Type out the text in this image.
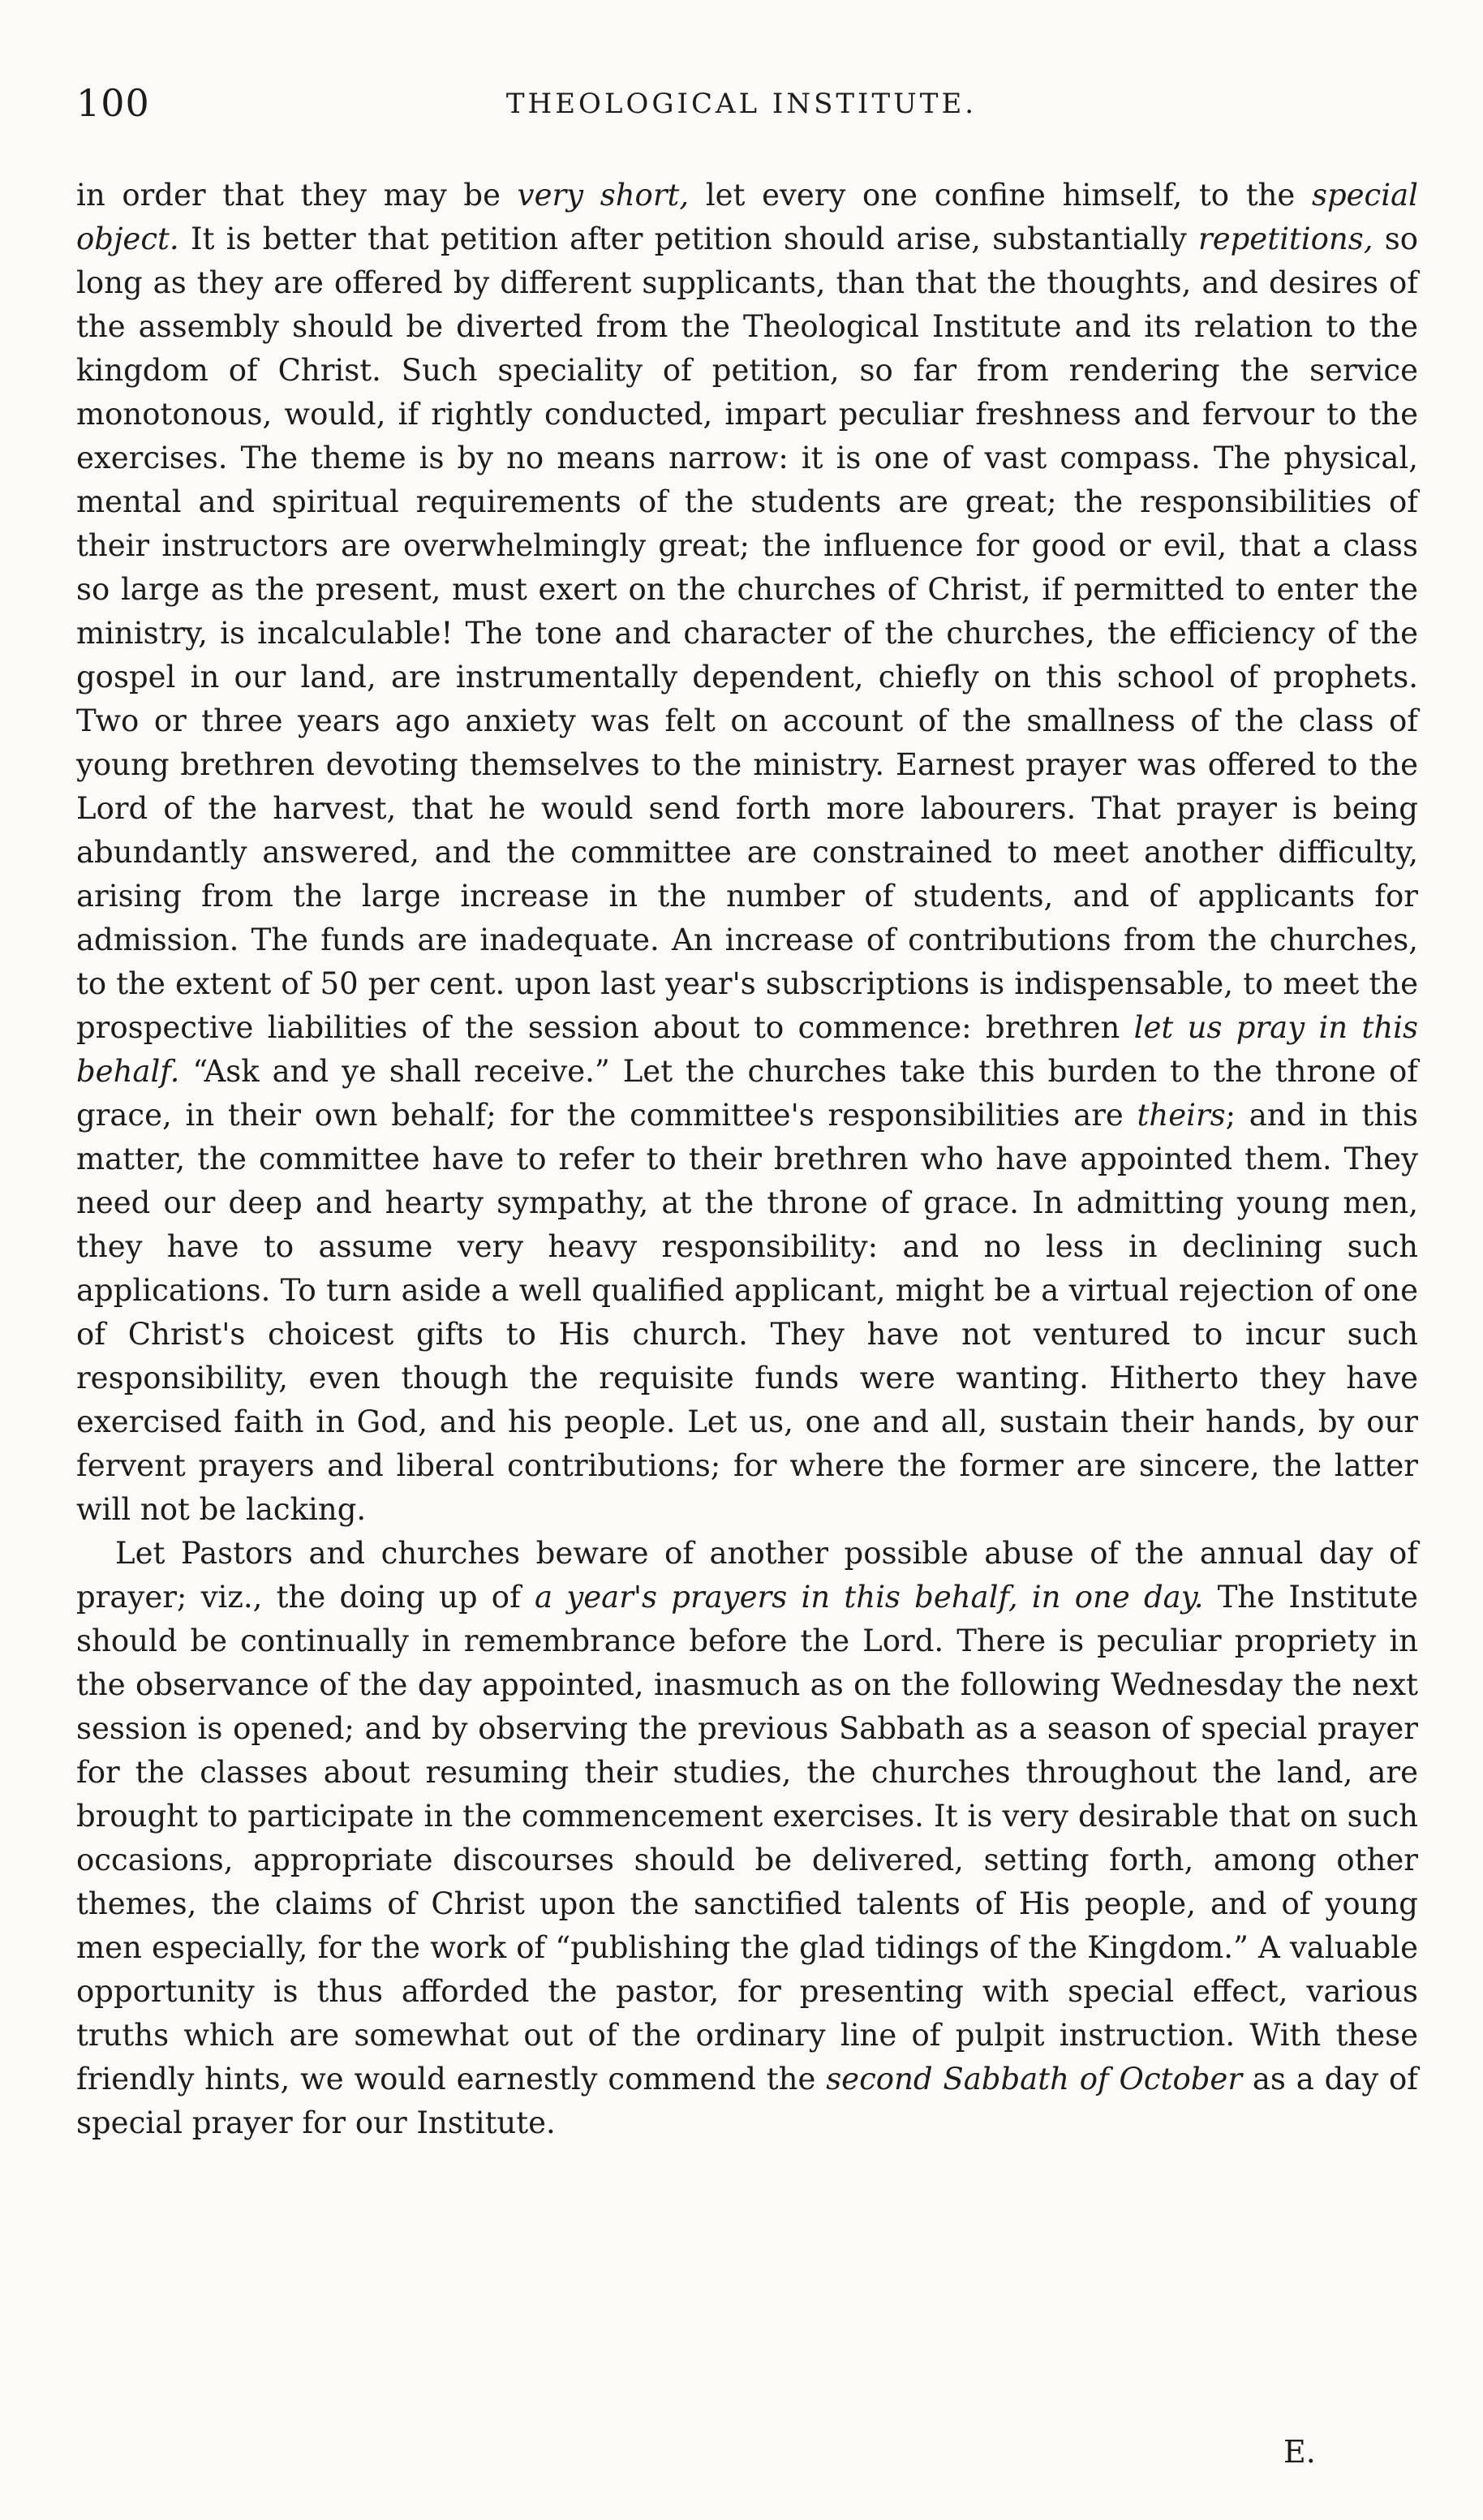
100	THEOLOGICAL INSTITUTE.

in order that they may be very short, let every one confine himself, to the special object. It is better that petition after petition should arise, substantially repetitions, so long as they are offered by different supplicants, than that the thoughts, and desires of the assembly should be diverted from the Theological Institute and its relation to the kingdom of Christ. Such speciality of petition, so far from rendering the service monotonous, would, if rightly conducted, impart peculiar freshness and fervour to the exercises. The theme is by no means narrow: it is one of vast compass. The physical, mental and spiritual requirements of the students are great; the responsibilities of their instructors are overwhelmingly great; the influence for good or evil, that a class so large as the present, must exert on the churches of Christ, if permitted to enter the ministry, is incalculable! The tone and character of the churches, the efficiency of the gospel in our land, are instrumentally dependent, chiefly on this school of prophets. Two or three years ago anxiety was felt on account of the smallness of the class of young brethren devoting themselves to the ministry. Earnest prayer was offered to the Lord of the harvest, that he would send forth more labourers. That prayer is being abundantly answered, and the committee are constrained to meet another difficulty, arising from the large increase in the number of students, and of applicants for admission. The funds are inadequate. An increase of contributions from the churches, to the extent of 50 per cent. upon last year's subscriptions is indispensable, to meet the prospective liabilities of the session about to commence: brethren let us pray in this behalf. “Ask and ye shall receive.” Let the churches take this burden to the throne of grace, in their own behalf; for the committee's responsibilities are theirs; and in this matter, the committee have to refer to their brethren who have appointed them. They need our deep and hearty sympathy, at the throne of grace. In admitting young men, they have to assume very heavy responsibility: and no less in declining such applications. To turn aside a well qualified applicant, might be a virtual rejection of one of Christ's choicest gifts to His church. They have not ventured to incur such responsibility, even though the requisite funds were wanting. Hitherto they have exercised faith in God, and his people. Let us, one and all, sustain their hands, by our fervent prayers and liberal contributions; for where the former are sincere, the latter will not be lacking.

Let Pastors and churches beware of another possible abuse of the annual day of prayer; viz., the doing up of a year's prayers in this behalf, in one day. The Institute should be continually in remembrance before the Lord. There is peculiar propriety in the observance of the day appointed, inasmuch as on the following Wednesday the next session is opened; and by observing the previous Sabbath as a season of special prayer for the classes about resuming their studies, the churches throughout the land, are brought to participate in the commencement exercises. It is very desirable that on such occasions, appropriate discourses should be delivered, setting forth, among other themes, the claims of Christ upon the sanctified talents of His people, and of young men especially, for the work of “publishing the glad tidings of the Kingdom.” A valuable opportunity is thus afforded the pastor, for presenting with special effect, various truths which are somewhat out of the ordinary line of pulpit instruction. With these friendly hints, we would earnestly commend the second Sabbath of October as a day of special prayer for our Institute.

E.
